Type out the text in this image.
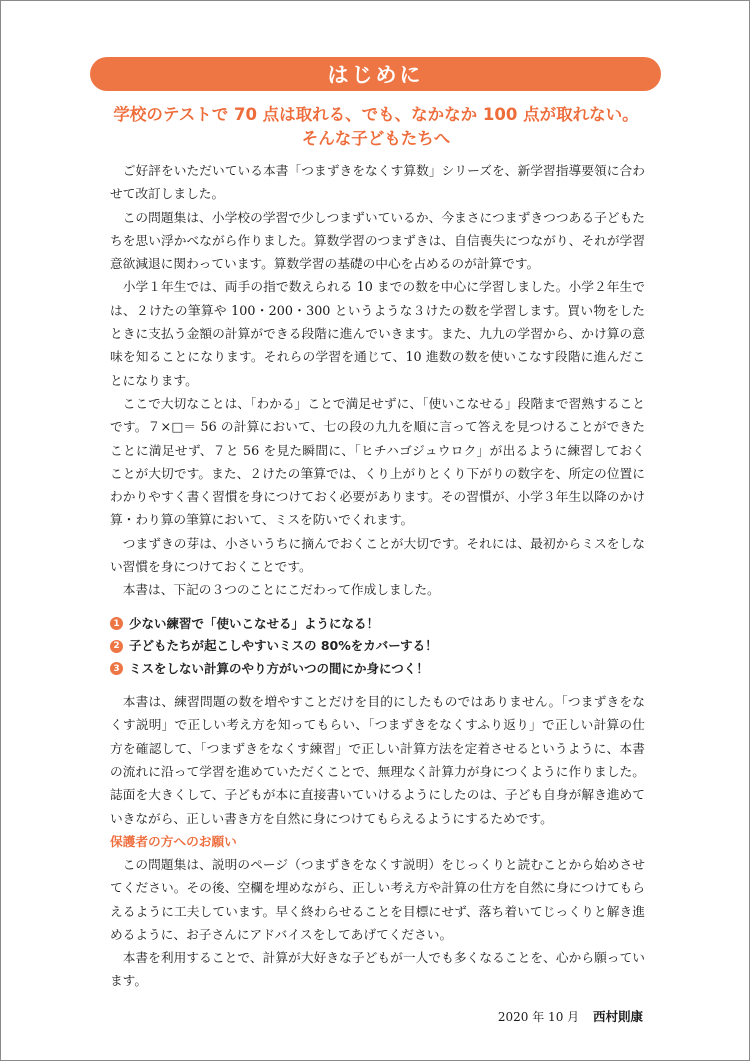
はじめに
学校のテストで 70 点は取れる、でも、なかなか 100 点が取れない。
そんな子どもたちへ

ご好評をいただいている本書「つまずきをなくす算数」シリーズを、新学習指導要領に合わせて改訂しました。

この問題集は、小学校の学習で少しつまずいているか、今まさにつまずきつつある子どもたちを思い浮かべながら作りました。算数学習のつまずきは、自信喪失につながり、それが学習意欲減退に関わっています。算数学習の基礎の中心を占めるのが計算です。

小学１年生では、両手の指で数えられる 10 までの数を中心に学習しました。小学２年生では、２けたの筆算や 100・200・300 というような３けたの数を学習します。買い物をしたときに支払う金額の計算ができる段階に進んでいきます。また、九九の学習から、かけ算の意味を知ることになります。それらの学習を通じて、10 進数の数を使いこなす段階に進んだことになります。

ここで大切なことは、「わかる」ことで満足せずに、「使いこなせる」段階まで習熟することです。７×□＝ 56 の計算において、七の段の九九を順に言って答えを見つけることができたことに満足せず、７と 56 を見た瞬間に、「ヒチハゴジュウロク」が出るように練習しておくことが大切です。また、２けたの筆算では、くり上がりとくり下がりの数字を、所定の位置にわかりやすく書く習慣を身につけておく必要があります。その習慣が、小学３年生以降のかけ算・わり算の筆算において、ミスを防いでくれます。

つまずきの芽は、小さいうちに摘んでおくことが大切です。それには、最初からミスをしない習慣を身につけておくことです。

本書は、下記の３つのことにこだわって作成しました。

1 少ない練習で「使いこなせる」ようになる！
2 子どもたちが起こしやすいミスの 80%をカバーする！
3 ミスをしない計算のやり方がいつの間にか身につく！

本書は、練習問題の数を増やすことだけを目的にしたものではありません。「つまずきをなくす説明」で正しい考え方を知ってもらい、「つまずきをなくすふり返り」で正しい計算の仕方を確認して、「つまずきをなくす練習」で正しい計算方法を定着させるというように、本書の流れに沿って学習を進めていただくことで、無理なく計算力が身につくように作りました。誌面を大きくして、子どもが本に直接書いていけるようにしたのは、子ども自身が解き進めていきながら、正しい書き方を自然に身につけてもらえるようにするためです。

保護者の方へのお願い

この問題集は、説明のページ（つまずきをなくす説明）をじっくりと読むことから始めさせてください。その後、空欄を埋めながら、正しい考え方や計算の仕方を自然に身につけてもらえるように工夫しています。早く終わらせることを目標にせず、落ち着いてじっくりと解き進めるように、お子さんにアドバイスをしてあげてください。

本書を利用することで、計算が大好きな子どもが一人でも多くなることを、心から願っています。

2020 年 10 月 西村則康
